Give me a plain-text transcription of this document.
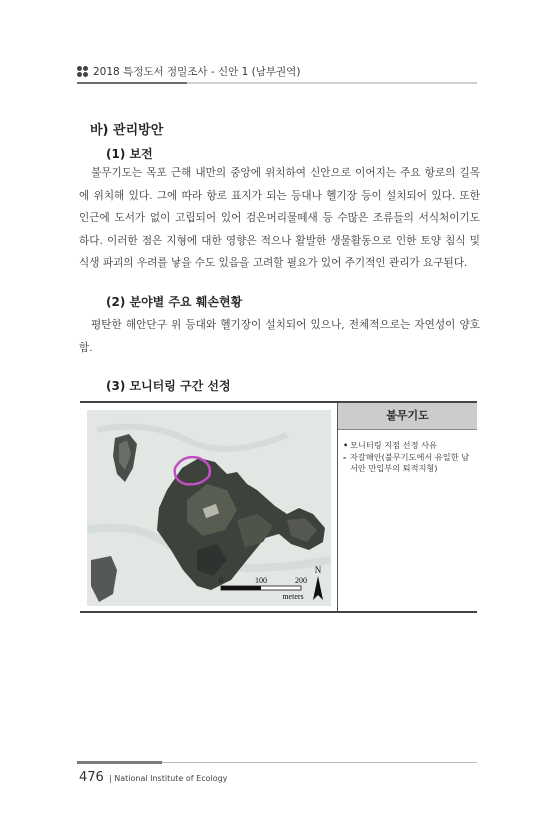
2018 특정도서 정밀조사 - 신안 1 (남부권역)
바) 관리방안
(1) 보전
불무기도는 목포 근해 내만의 중앙에 위치하여 신안으로 이어지는 주요 항로의 길목에 위치해 있다. 그에 따라 항로 표지가 되는 등대나 헬기장 등이 설치되어 있다. 또한 인근에 도서가 없이 고립되어 있어 검은머리물떼새 등 수많은 조류들의 서식처이기도 하다. 이러한 점은 지형에 대한 영향은 적으나 활발한 생물활동으로 인한 토양 침식 및 식생 파괴의 우려를 낳을 수도 있음을 고려할 필요가 있어 주기적인 관리가 요구된다.
(2) 분야별 주요 훼손현황
평탄한 해안단구 위 등대와 헬기장이 설치되어 있으나, 전체적으로는 자연성이 양호함.
(3) 모니터링 구간 선정
0	100	200
meters
N
불무기도
• 모니터링 지점 선정 사유
- 자갈해안(불무기도에서 유일한 남서안 만입부의 퇴적지형)
476 | National Institute of Ecology
